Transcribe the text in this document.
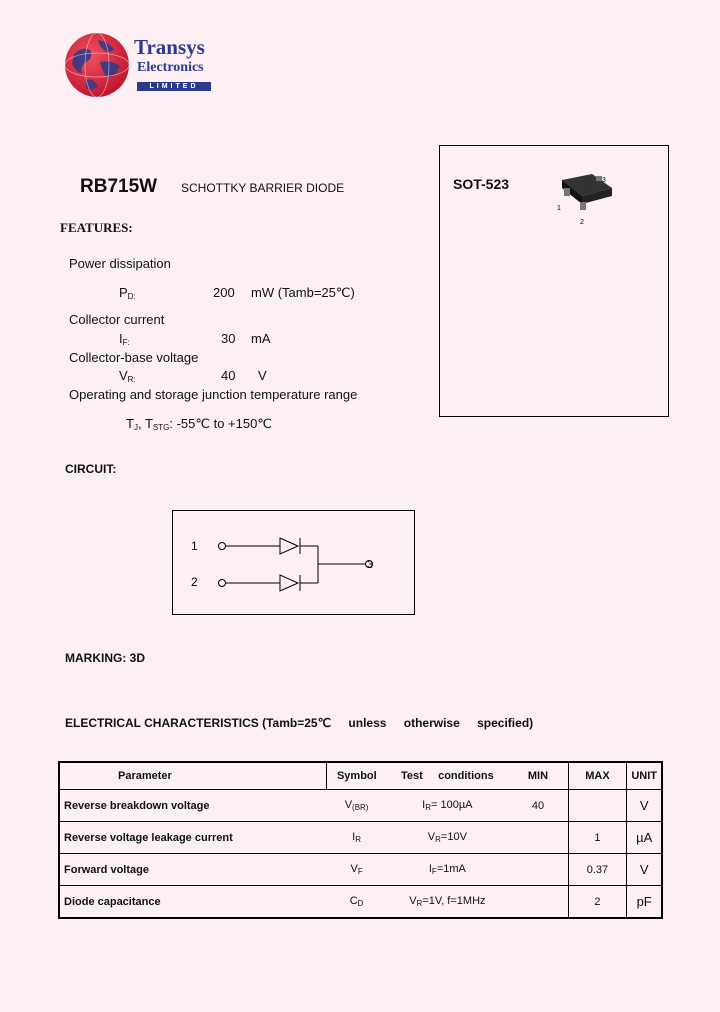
Transys
Electronics
LIMITED
RB715W SCHOTTKY BARRIER DIODE
FEATURES:
Power dissipation
$P_{D:}$	200 mW (Tamb=25℃)
Collector current
$I_{F:}$	30 mA
Collector-base voltage
$V_{R:}$	40 V
Operating and storage junction temperature range
$T_J$, $T_{STG}$: -55℃ to +150℃
SOT-523	3
1
2
CIRCUIT:
1
2
3
MARKING: 3D
ELECTRICAL CHARACTERISTICS (Tamb=25℃ unless otherwise specified)
Parameter	Symbol	Test     conditions	MIN	MAX	UNIT
Reverse breakdown voltage	$V_{(BR)}$	$I_R= 100\mu A$	40		V
Reverse voltage leakage current	$I_R$	$V_R=10V$		1	µA
Forward voltage	$V_F$	$I_F=1mA$		0.37	V
Diode capacitance	$C_D$	$V_R=1V$, f=1MHz		2	pF
